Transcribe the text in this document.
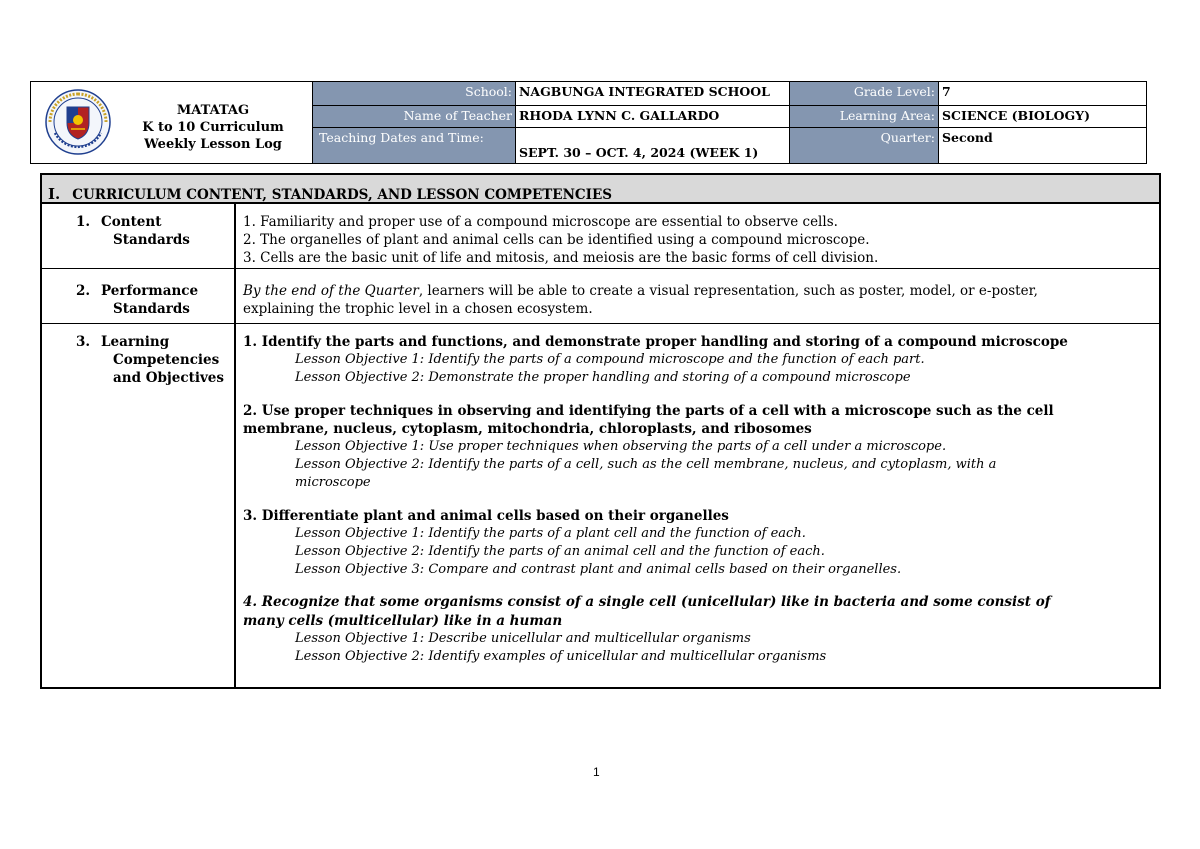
MATATAG
K to 10 Curriculum
Weekly Lesson Log
School: NAGBUNGA INTEGRATED SCHOOL	Grade Level: 7
Name of Teacher RHODA LYNN C. GALLARDO	Learning Area: SCIENCE (BIOLOGY)
Teaching Dates and Time:
SEPT. 30 – OCT. 4, 2024 (WEEK 1)
Quarter: Second
I. CURRICULUM CONTENT, STANDARDS, AND LESSON COMPETENCIES
1. Content
Standards
1. Familiarity and proper use of a compound microscope are essential to observe cells.
2. The organelles of plant and animal cells can be identified using a compound microscope.
3. Cells are the basic unit of life and mitosis, and meiosis are the basic forms of cell division.
2. Performance
Standards
By the end of the Quarter, learners will be able to create a visual representation, such as poster, model, or e-poster,
explaining the trophic level in a chosen ecosystem.
3. Learning
Competencies
and Objectives
1. Identify the parts and functions, and demonstrate proper handling and storing of a compound microscope
Lesson Objective 1: Identify the parts of a compound microscope and the function of each part.
Lesson Objective 2: Demonstrate the proper handling and storing of a compound microscope
2. Use proper techniques in observing and identifying the parts of a cell with a microscope such as the cell
membrane, nucleus, cytoplasm, mitochondria, chloroplasts, and ribosomes
Lesson Objective 1: Use proper techniques when observing the parts of a cell under a microscope.
Lesson Objective 2: Identify the parts of a cell, such as the cell membrane, nucleus, and cytoplasm, with a
microscope
3. Differentiate plant and animal cells based on their organelles
Lesson Objective 1: Identify the parts of a plant cell and the function of each.
Lesson Objective 2: Identify the parts of an animal cell and the function of each.
Lesson Objective 3: Compare and contrast plant and animal cells based on their organelles.
4. Recognize that some organisms consist of a single cell (unicellular) like in bacteria and some consist of
many cells (multicellular) like in a human
Lesson Objective 1: Describe unicellular and multicellular organisms
Lesson Objective 2: Identify examples of unicellular and multicellular organisms
1
